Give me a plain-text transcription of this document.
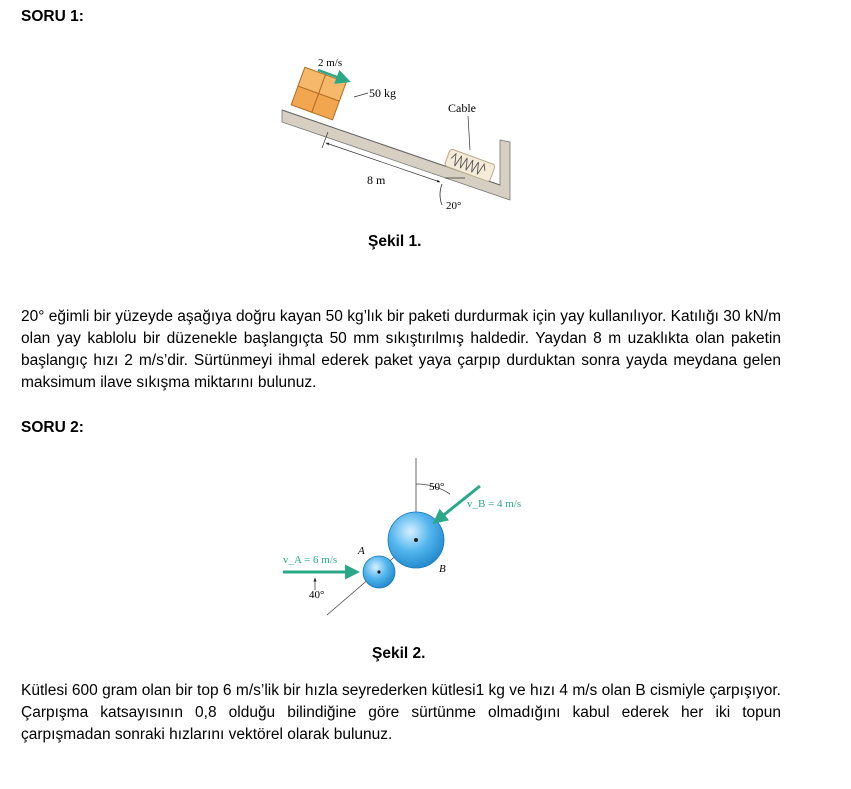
SORU 1:
2 m/s
50 kg
Cable
8 m
20°

Şekil 1.

20° eğimli bir yüzeyde aşağıya doğru kayan 50 kg’lık bir paketi durdurmak için yay kullanılıyor. Katılığı 30 kN/m olan yay kablolu bir düzenekle başlangıçta 50 mm sıkıştırılmış haldedir. Yaydan 8 m uzaklıkta olan paketin başlangıç hızı 2 m/s’dir. Sürtünmeyi ihmal ederek paket yaya çarpıp durduktan sonra yayda meydana gelen maksimum ilave sıkışma miktarını bulunuz.

SORU 2:
50°
B
v_B = 4 m/s
A
v_A = 6 m/s
40°

Şekil 2.

Kütlesi 600 gram olan bir top 6 m/s’lik bir hızla seyrederken kütlesi1 kg ve hızı 4 m/s olan B cismiyle çarpışıyor. Çarpışma katsayısının 0,8 olduğu bilindiğine göre sürtünme olmadığını kabul ederek her iki topun çarpışmadan sonraki hızlarını vektörel olarak bulunuz.
